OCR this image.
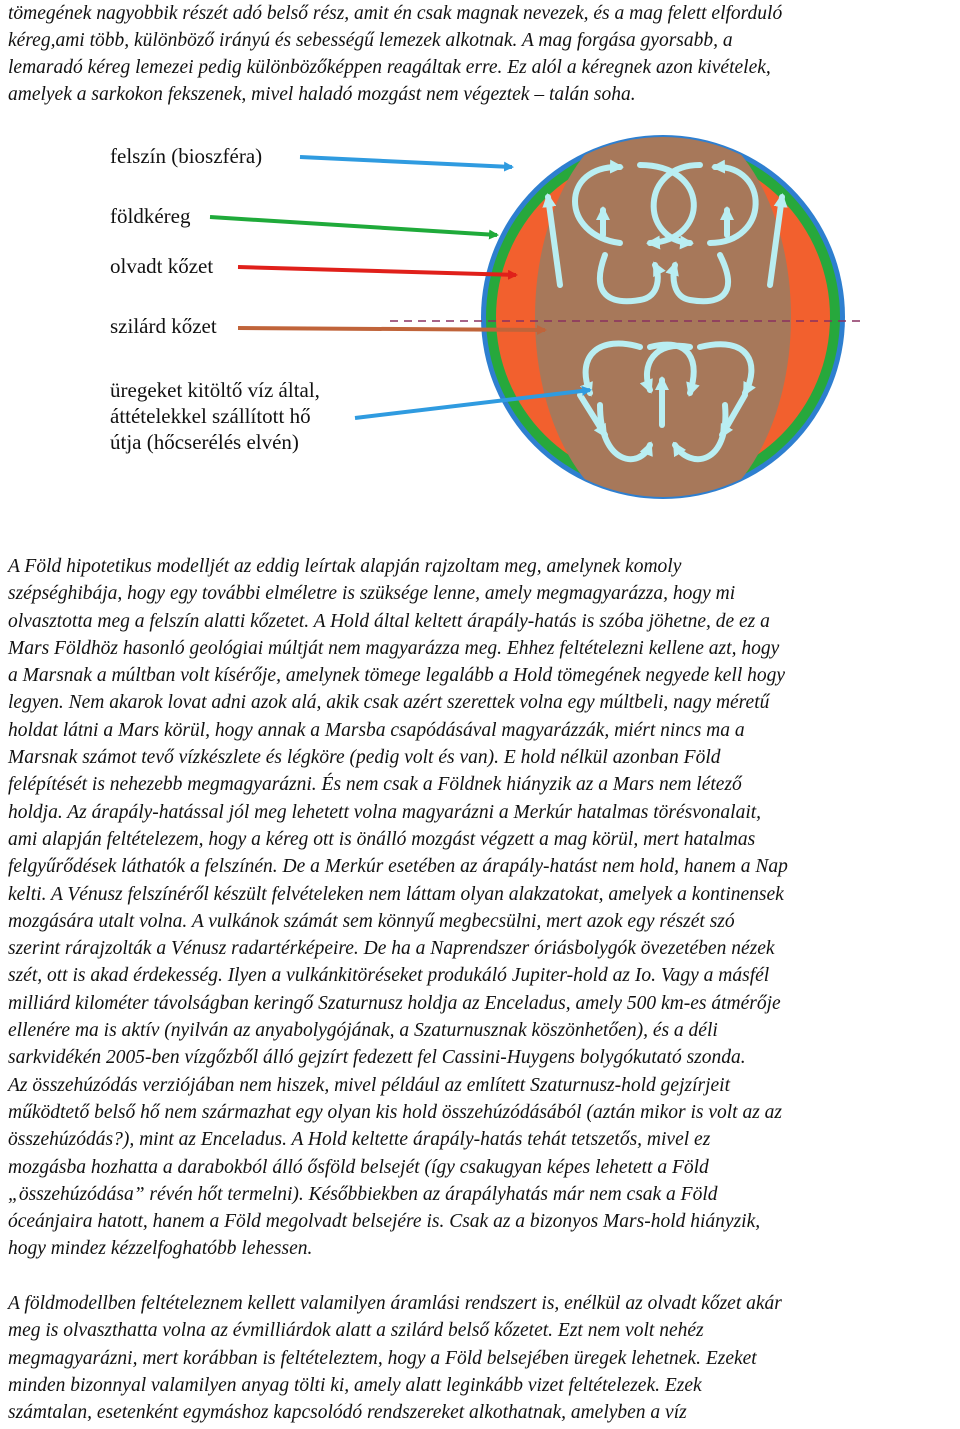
tömegének nagyobbik részét adó belső rész, amit én csak magnak nevezek, és a mag felett elforduló
kéreg,ami több, különböző irányú és sebességű lemezek alkotnak. A mag forgása gyorsabb, a
lemaradó kéreg lemezei pedig különbözőképpen reagáltak erre. Ez alól a kéregnek azon kivételek,
amelyek a sarkokon fekszenek, mivel haladó mozgást nem végeztek – talán soha.
felszín (bioszféra)
földkéreg
olvadt kőzet
szilárd kőzet
üregeket kitöltő víz által,
áttételekkel szállított hő
útja (hőcserélés elvén)
A Föld hipotetikus modelljét az eddig leírtak alapján rajzoltam meg, amelynek komoly
szépséghibája, hogy egy további elméletre is szüksége lenne, amely megmagyarázza, hogy mi
olvasztotta meg a felszín alatti kőzetet. A Hold által keltett árapály-hatás is szóba jöhetne, de ez a
Mars Földhöz hasonló geológiai múltját nem magyarázza meg. Ehhez feltételezni kellene azt, hogy
a Marsnak a múltban volt kísérője, amelynek tömege legalább a Hold tömegének negyede kell hogy
legyen. Nem akarok lovat adni azok alá, akik csak azért szerettek volna egy múltbeli, nagy méretű
holdat látni a Mars körül, hogy annak a Marsba csapódásával magyarázzák, miért nincs ma a
Marsnak számot tevő vízkészlete és légköre (pedig volt és van). E hold nélkül azonban Föld
felépítését is nehezebb megmagyarázni. És nem csak a Földnek hiányzik az a Mars nem létező
holdja. Az árapály-hatással jól meg lehetett volna magyarázni a Merkúr hatalmas törésvonalait,
ami alapján feltételezem, hogy a kéreg ott is önálló mozgást végzett a mag körül, mert hatalmas
felgyűrődések láthatók a felszínén. De a Merkúr esetében az árapály-hatást nem hold, hanem a Nap
kelti. A Vénusz felszínéről készült felvételeken nem láttam olyan alakzatokat, amelyek a kontinensek
mozgására utalt volna. A vulkánok számát sem könnyű megbecsülni, mert azok egy részét szó
szerint rárajzolták a Vénusz radartérképeire. De ha a Naprendszer óriásbolygók övezetében nézek
szét, ott is akad érdekesség. Ilyen a vulkánkitöréseket produkáló Jupiter-hold az Io. Vagy a másfél
milliárd kilométer távolságban keringő Szaturnusz holdja az Enceladus, amely 500 km-es átmérője
ellenére ma is aktív (nyilván az anyabolygójának, a Szaturnusznak köszönhetően), és a déli
sarkvidékén 2005-ben vízgőzből álló gejzírt fedezett fel Cassini-Huygens bolygókutató szonda.
Az összehúzódás verziójában nem hiszek, mivel például az említett Szaturnusz-hold gejzírjeit
működtető belső hő nem származhat egy olyan kis hold összehúzódásából (aztán mikor is volt az az
összehúzódás?), mint az Enceladus. A Hold keltette árapály-hatás tehát tetszetős, mivel ez
mozgásba hozhatta a darabokból álló ősföld belsejét (így csakugyan képes lehetett a Föld
„összehúzódása” révén hőt termelni). Későbbiekben az árapályhatás már nem csak a Föld
óceánjaira hatott, hanem a Föld megolvadt belsejére is. Csak az a bizonyos Mars-hold hiányzik,
hogy mindez kézzelfoghatóbb lehessen.
A földmodellben feltételeznem kellett valamilyen áramlási rendszert is, enélkül az olvadt kőzet akár
meg is olvaszthatta volna az évmilliárdok alatt a szilárd belső kőzetet. Ezt nem volt nehéz
megmagyarázni, mert korábban is feltételeztem, hogy a Föld belsejében üregek lehetnek. Ezeket
minden bizonnyal valamilyen anyag tölti ki, amely alatt leginkább vizet feltételezek. Ezek
számtalan, esetenként egymáshoz kapcsolódó rendszereket alkothatnak, amelyben a víz
